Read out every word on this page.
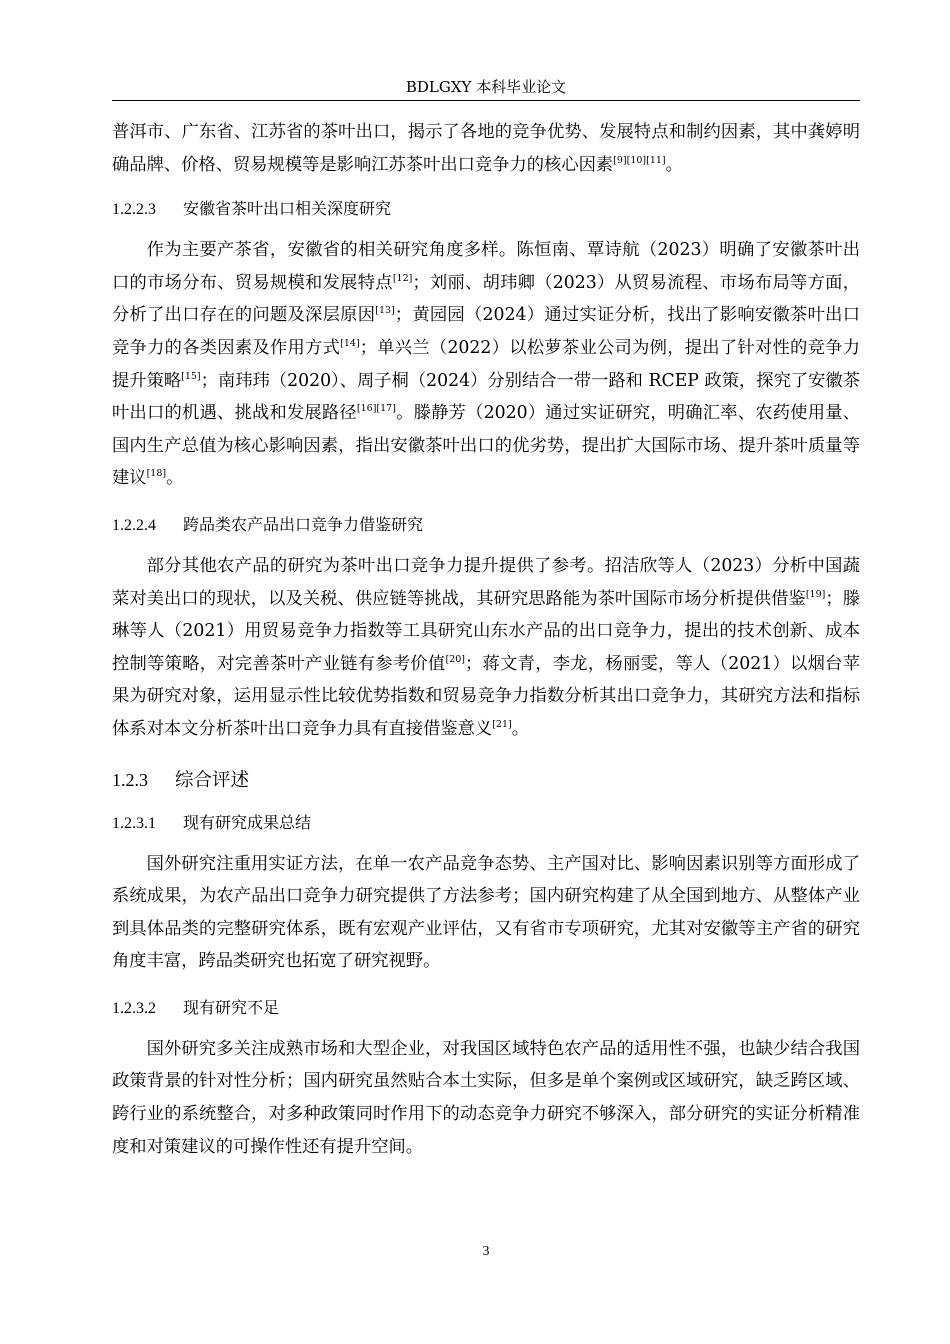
BDLGXY 本科毕业论文

普洱市、广东省、江苏省的茶叶出口，揭示了各地的竞争优势、发展特点和制约因素，其中龚婷明确品牌、价格、贸易规模等是影响江苏茶叶出口竞争力的核心因素[9][10][11]。

1.2.2.3 安徽省茶叶出口相关深度研究

作为主要产茶省，安徽省的相关研究角度多样。陈恒南、覃诗航（2023）明确了安徽茶叶出口的市场分布、贸易规模和发展特点[12]；刘丽、胡玮卿（2023）从贸易流程、市场布局等方面，分析了出口存在的问题及深层原因[13]；黄园园（2024）通过实证分析，找出了影响安徽茶叶出口竞争力的各类因素及作用方式[14]；单兴兰（2022）以松萝茶业公司为例，提出了针对性的竞争力提升策略[15]；南玮玮（2020）、周子桐（2024）分别结合一带一路和 RCEP 政策，探究了安徽茶叶出口的机遇、挑战和发展路径[16][17]。滕静芳（2020）通过实证研究，明确汇率、农药使用量、国内生产总值为核心影响因素，指出安徽茶叶出口的优劣势，提出扩大国际市场、提升茶叶质量等建议[18]。

1.2.2.4 跨品类农产品出口竞争力借鉴研究

部分其他农产品的研究为茶叶出口竞争力提升提供了参考。招洁欣等人（2023）分析中国蔬菜对美出口的现状，以及关税、供应链等挑战，其研究思路能为茶叶国际市场分析提供借鉴[19]；滕琳等人（2021）用贸易竞争力指数等工具研究山东水产品的出口竞争力，提出的技术创新、成本控制等策略，对完善茶叶产业链有参考价值[20]；蒋文青，李龙，杨丽雯，等人（2021）以烟台苹果为研究对象，运用显示性比较优势指数和贸易竞争力指数分析其出口竞争力，其研究方法和指标体系对本文分析茶叶出口竞争力具有直接借鉴意义[21]。

1.2.3 综合评述
1.2.3.1 现有研究成果总结

国外研究注重用实证方法，在单一农产品竞争态势、主产国对比、影响因素识别等方面形成了系统成果，为农产品出口竞争力研究提供了方法参考；国内研究构建了从全国到地方、从整体产业到具体品类的完整研究体系，既有宏观产业评估，又有省市专项研究，尤其对安徽等主产省的研究角度丰富，跨品类研究也拓宽了研究视野。

1.2.3.2 现有研究不足

国外研究多关注成熟市场和大型企业，对我国区域特色农产品的适用性不强，也缺少结合我国政策背景的针对性分析；国内研究虽然贴合本土实际，但多是单个案例或区域研究，缺乏跨区域、跨行业的系统整合，对多种政策同时作用下的动态竞争力研究不够深入，部分研究的实证分析精准度和对策建议的可操作性还有提升空间。

3
